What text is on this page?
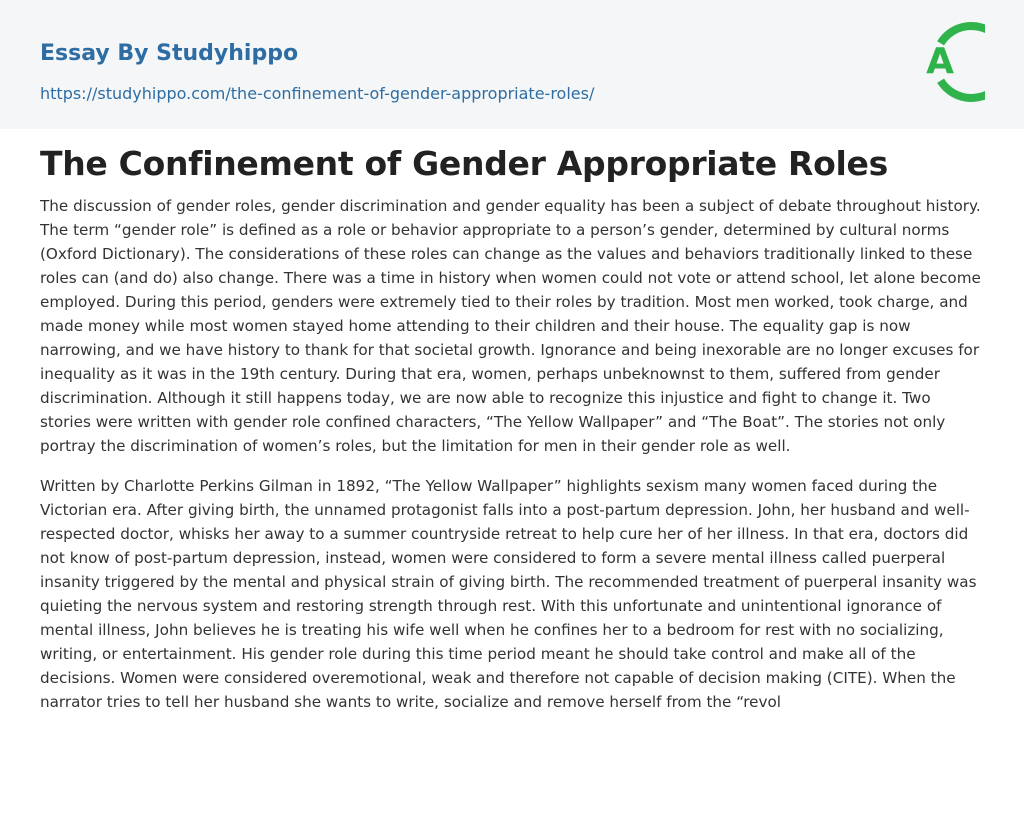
Essay By Studyhippo
https://studyhippo.com/the-confinement-of-gender-appropriate-roles/
A
The Confinement of Gender Appropriate Roles

The discussion of gender roles, gender discrimination and gender equality has been a subject of debate throughout history. The term “gender role” is defined as a role or behavior appropriate to a person’s gender, determined by cultural norms (Oxford Dictionary). The considerations of these roles can change as the values and behaviors traditionally linked to these roles can (and do) also change. There was a time in history when women could not vote or attend school, let alone become employed. During this period, genders were extremely tied to their roles by tradition. Most men worked, took charge, and made money while most women stayed home attending to their children and their house. The equality gap is now narrowing, and we have history to thank for that societal growth. Ignorance and being inexorable are no longer excuses for inequality as it was in the 19th century. During that era, women, perhaps unbeknownst to them, suffered from gender discrimination. Although it still happens today, we are now able to recognize this injustice and fight to change it. Two stories were written with gender role confined characters, “The Yellow Wallpaper” and “The Boat”. The stories not only portray the discrimination of women’s roles, but the limitation for men in their gender role as well.

Written by Charlotte Perkins Gilman in 1892, “The Yellow Wallpaper” highlights sexism many women faced during the Victorian era. After giving birth, the unnamed protagonist falls into a post-partum depression. John, her husband and well-respected doctor, whisks her away to a summer countryside retreat to help cure her of her illness. In that era, doctors did not know of post-partum depression, instead, women were considered to form a severe mental illness called puerperal insanity triggered by the mental and physical strain of giving birth. The recommended treatment of puerperal insanity was quieting the nervous system and restoring strength through rest. With this unfortunate and unintentional ignorance of mental illness, John believes he is treating his wife well when he confines her to a bedroom for rest with no socializing, writing, or entertainment. His gender role during this time period meant he should take control and make all of the decisions. Women were considered overemotional, weak and therefore not capable of decision making (CITE). When the narrator tries to tell her husband she wants to write, socialize and remove herself from the “revol
